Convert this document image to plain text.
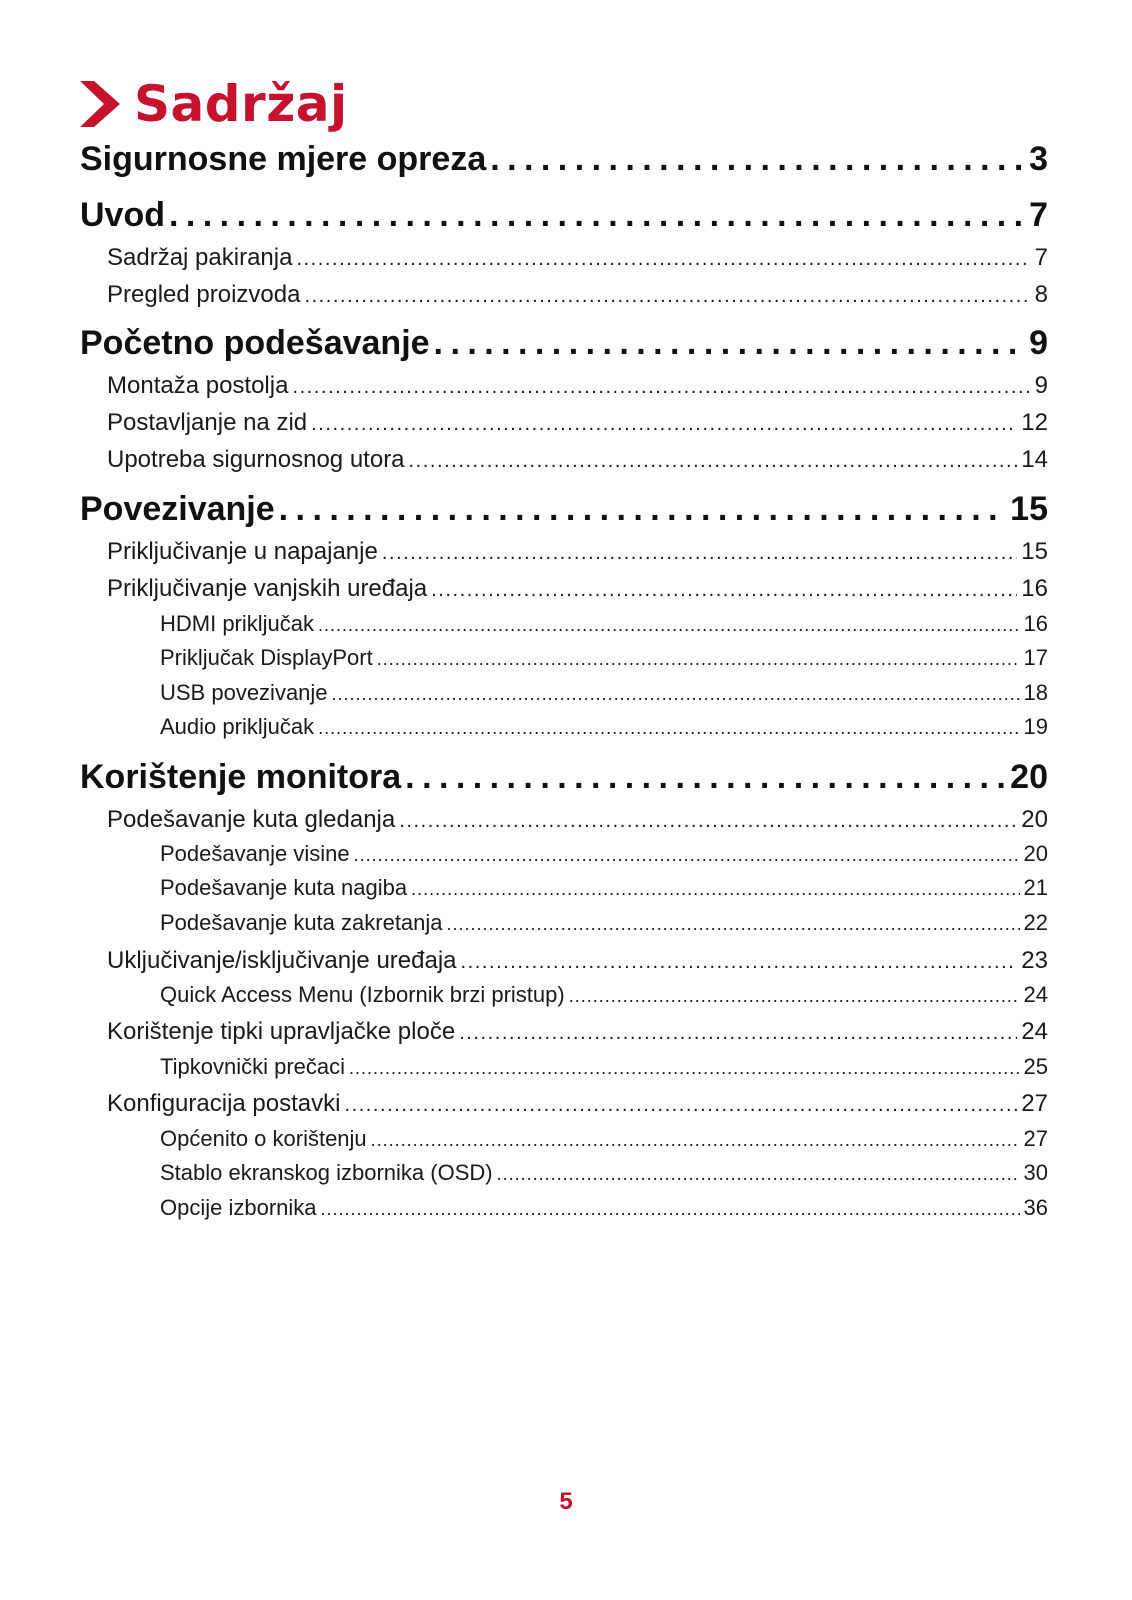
Sadržaj
Sigurnosne mjere opreza . . .	3
Uvod . . .	7
Sadržaj pakiranja . . .	7
Pregled proizvoda . . .	8
Početno podešavanje . . .	9
Montaža postolja . . .	9
Postavljanje na zid . . .	12
Upotreba sigurnosnog utora . . .	14
Povezivanje . . .	15
Priključivanje u napajanje . . .	15
Priključivanje vanjskih uređaja . . .	16
HDMI priključak . . .	16
Priključak DisplayPort . . .	17
USB povezivanje . . .	18
Audio priključak . . .	19
Korištenje monitora . . .	20
Podešavanje kuta gledanja . . .	20
Podešavanje visine . . .	20
Podešavanje kuta nagiba . . .	21
Podešavanje kuta zakretanja . . .	22
Uključivanje/isključivanje uređaja . . .	23
Quick Access Menu (Izbornik brzi pristup) . . .	24
Korištenje tipki upravljačke ploče . . .	24
Tipkovnički prečaci . . .	25
Konfiguracija postavki . . .	27
Općenito o korištenju . . .	27
Stablo ekranskog izbornika (OSD) . . .	30
Opcije izbornika . . .	36
5
